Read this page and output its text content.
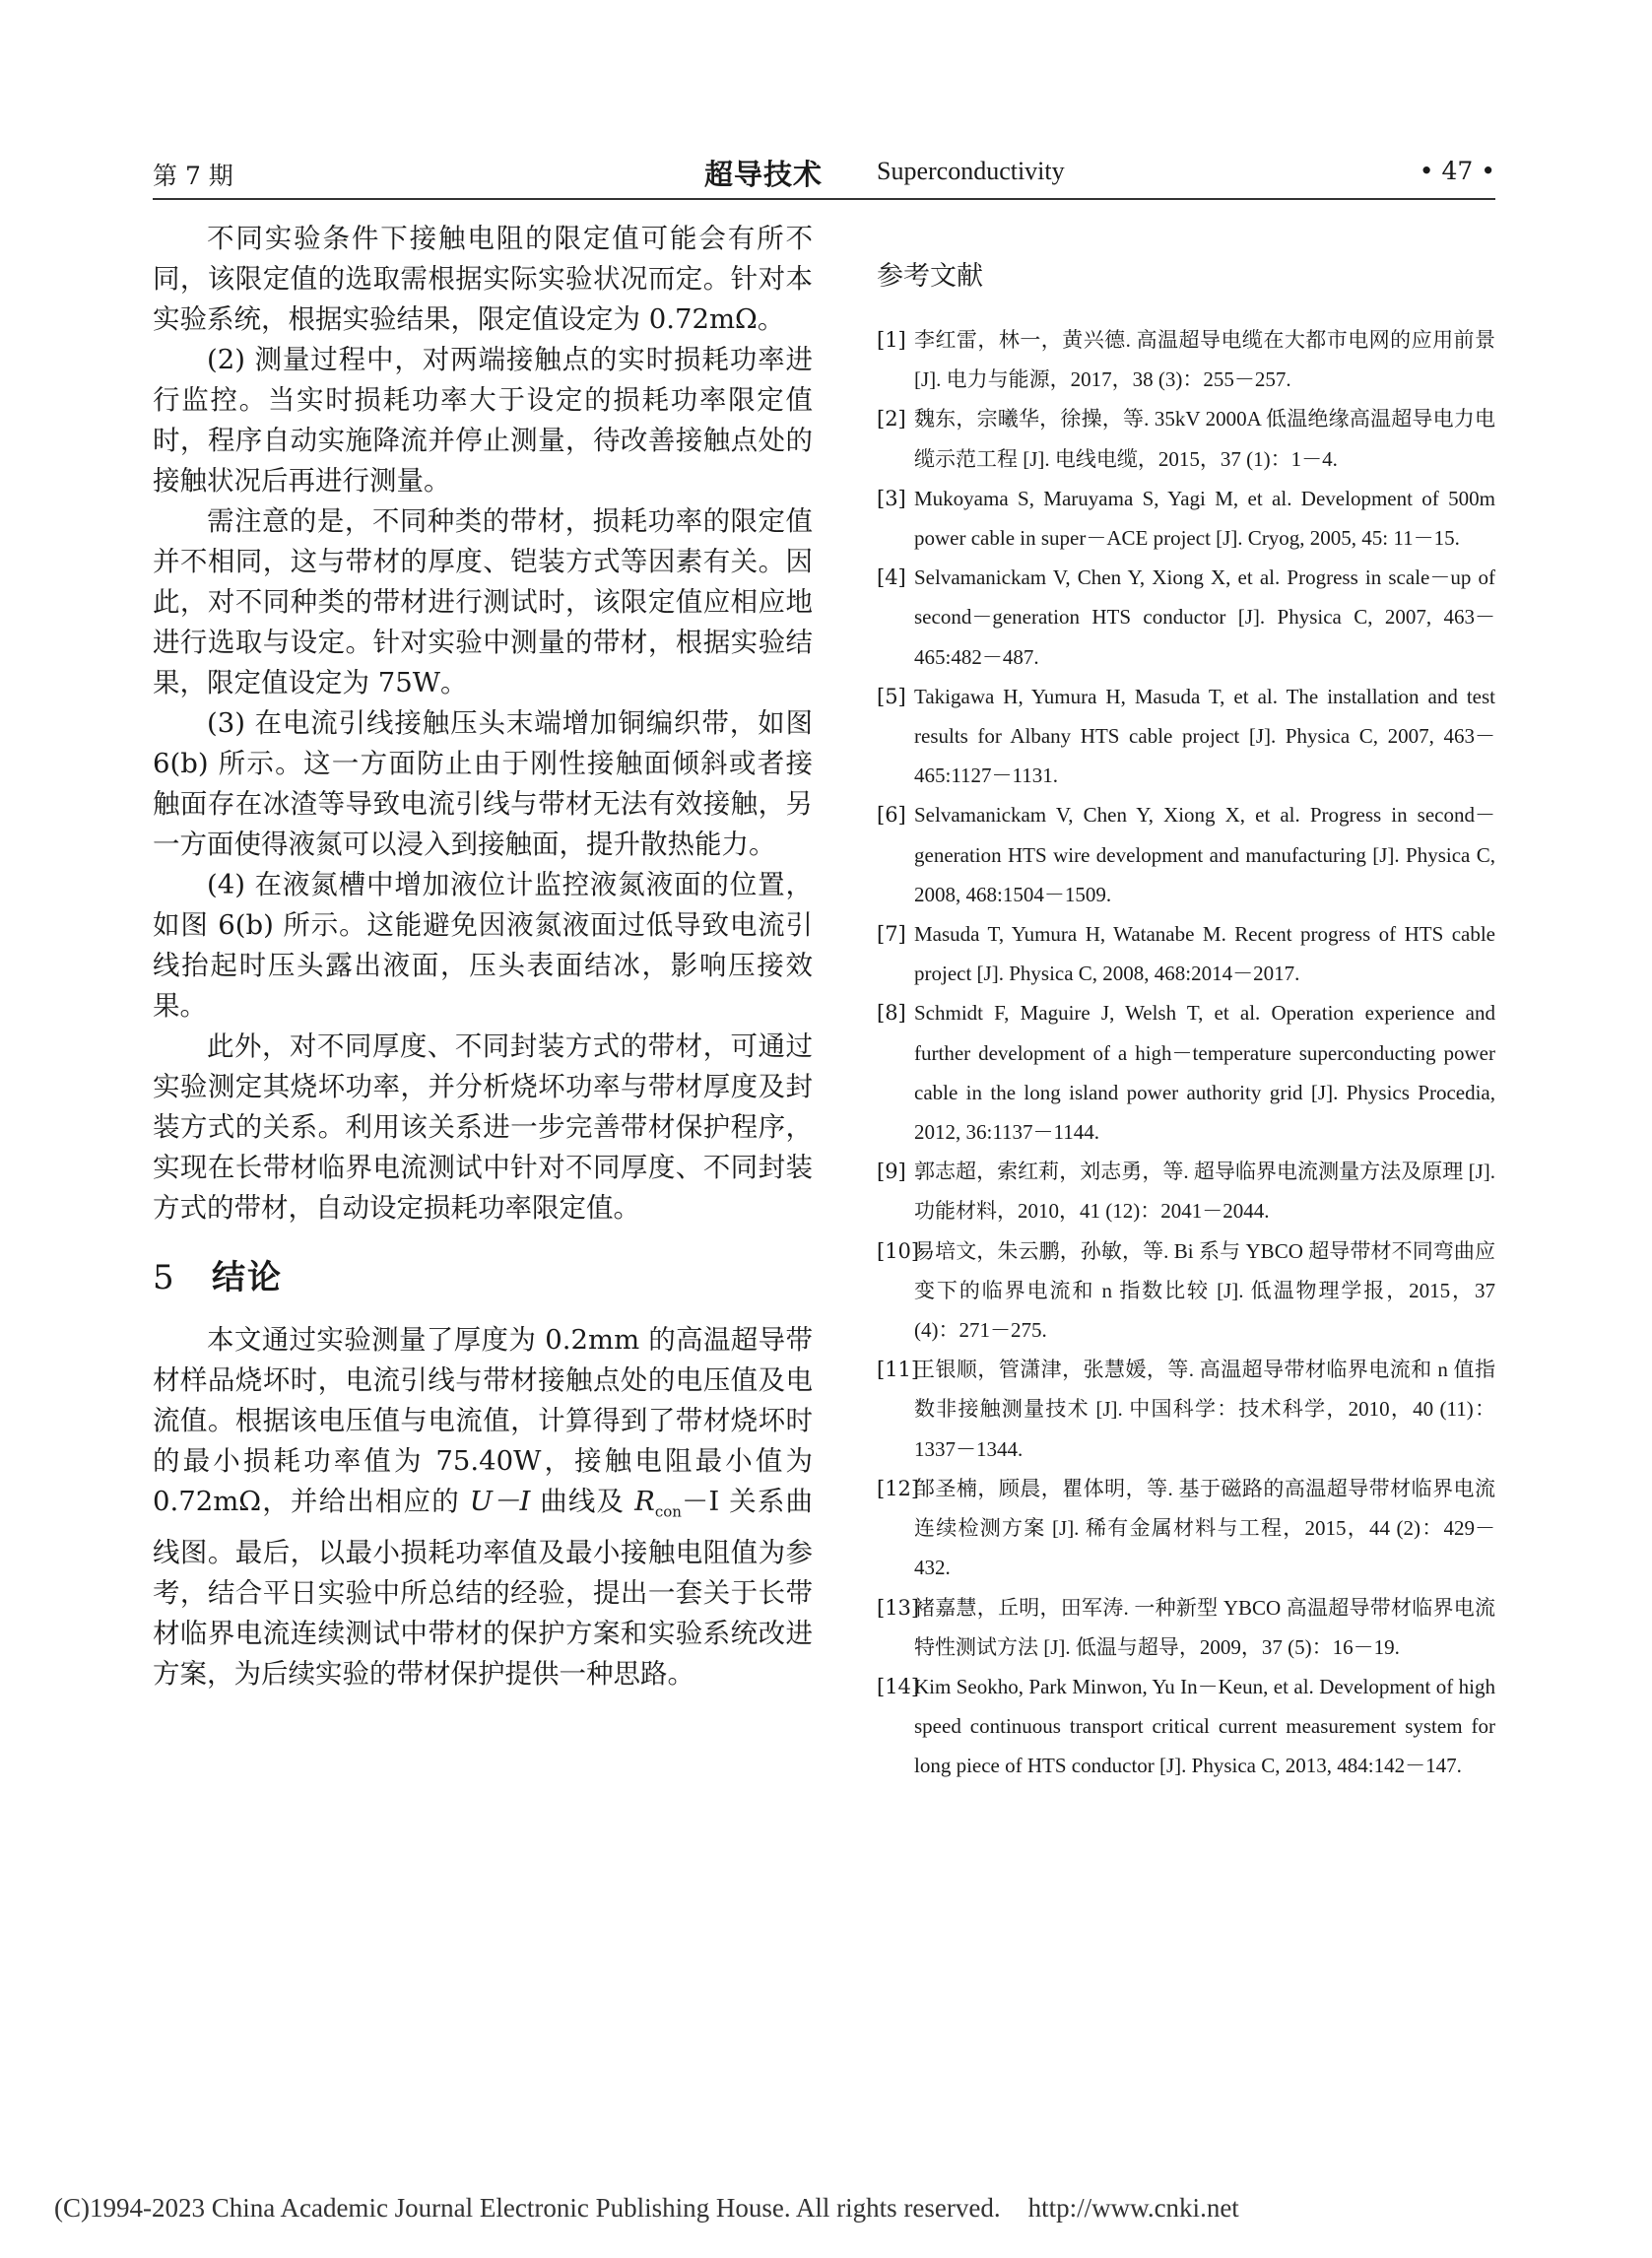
第 7 期	超导技术 Superconductivity	• 47 •

不同实验条件下接触电阻的限定值可能会有所不同，该限定值的选取需根据实际实验状况而定。针对本实验系统，根据实验结果，限定值设定为 0.72mΩ。

(2) 测量过程中，对两端接触点的实时损耗功率进行监控。当实时损耗功率大于设定的损耗功率限定值时，程序自动实施降流并停止测量，待改善接触点处的接触状况后再进行测量。

需注意的是，不同种类的带材，损耗功率的限定值并不相同，这与带材的厚度、铠装方式等因素有关。因此，对不同种类的带材进行测试时，该限定值应相应地进行选取与设定。针对实验中测量的带材，根据实验结果，限定值设定为 75W。

(3) 在电流引线接触压头末端增加铜编织带，如图 6(b) 所示。这一方面防止由于刚性接触面倾斜或者接触面存在冰渣等导致电流引线与带材无法有效接触，另一方面使得液氮可以浸入到接触面，提升散热能力。

(4) 在液氮槽中增加液位计监控液氮液面的位置，如图 6(b) 所示。这能避免因液氮液面过低导致电流引线抬起时压头露出液面，压头表面结冰，影响压接效果。

此外，对不同厚度、不同封装方式的带材，可通过实验测定其烧坏功率，并分析烧坏功率与带材厚度及封装方式的关系。利用该关系进一步完善带材保护程序，实现在长带材临界电流测试中针对不同厚度、不同封装方式的带材，自动设定损耗功率限定值。

5 结论

本文通过实验测量了厚度为 0.2mm 的高温超导带材样品烧坏时，电流引线与带材接触点处的电压值及电流值。根据该电压值与电流值，计算得到了带材烧坏时的最小损耗功率值为 75.40W，接触电阻最小值为 0.72mΩ，并给出相应的 U－I 曲线及 $R_{con}-I$ 关系曲线图。最后，以最小损耗功率值及最小接触电阻值为参考，结合平日实验中所总结的经验，提出一套关于长带材临界电流连续测试中带材的保护方案和实验系统改进方案，为后续实验的带材保护提供一种思路。

参考文献
[1] 李红雷，林一，黄兴德. 高温超导电缆在大都市电网的应用前景 [J]. 电力与能源，2017，38 (3)：255－257.
[2] 魏东，宗曦华，徐操，等. 35kV 2000A 低温绝缘高温超导电力电缆示范工程 [J]. 电线电缆，2015，37 (1)：1－4.
[3] Mukoyama S, Maruyama S, Yagi M, et al. Development of 500m power cable in super－ACE project [J]. Cryog, 2005, 45: 11－15.
[4] Selvamanickam V, Chen Y, Xiong X, et al. Progress in scale－up of second－generation HTS conductor [J]. Physica C, 2007, 463－465:482－487.
[5] Takigawa H, Yumura H, Masuda T, et al. The installation and test results for Albany HTS cable project [J]. Physica C, 2007, 463－465:1127－1131.
[6] Selvamanickam V, Chen Y, Xiong X, et al. Progress in second－generation HTS wire development and manufacturing [J]. Physica C, 2008, 468:1504－1509.
[7] Masuda T, Yumura H, Watanabe M. Recent progress of HTS cable project [J]. Physica C, 2008, 468:2014－2017.
[8] Schmidt F, Maguire J, Welsh T, et al. Operation experience and further development of a high－temperature superconducting power cable in the long island power authority grid [J]. Physics Procedia, 2012, 36:1137－1144.
[9] 郭志超，索红莉，刘志勇，等. 超导临界电流测量方法及原理 [J]. 功能材料，2010，41 (12)：2041－2044.
[10]
易培文，朱云鹏，孙敏，等. Bi 系与 YBCO 超导带材不同弯曲应变下的临界电流和 n 指数比较 [J]. 低温物理学报，2015，37 (4)：271－275.
[11]
王银顺，管潇津，张慧媛，等. 高温超导带材临界电流和 n 值指数非接触测量技术 [J]. 中国科学：技术科学，2010，40 (11)：1337－1344.
[12]
邹圣楠，顾晨，瞿体明，等. 基于磁路的高温超导带材临界电流连续检测方案 [J]. 稀有金属材料与工程，2015，44 (2)：429－432.
[13]
褚嘉慧，丘明，田军涛. 一种新型 YBCO 高温超导带材临界电流特性测试方法 [J]. 低温与超导，2009，37 (5)：16－19.
[14]
Kim Seokho, Park Minwon, Yu In－Keun, et al. Development of high speed continuous transport critical current measurement system for long piece of HTS conductor [J]. Physica C, 2013, 484:142－147.
(C)1994-2023 China Academic Journal Electronic Publishing House. All rights reserved. http://www.cnki.net
